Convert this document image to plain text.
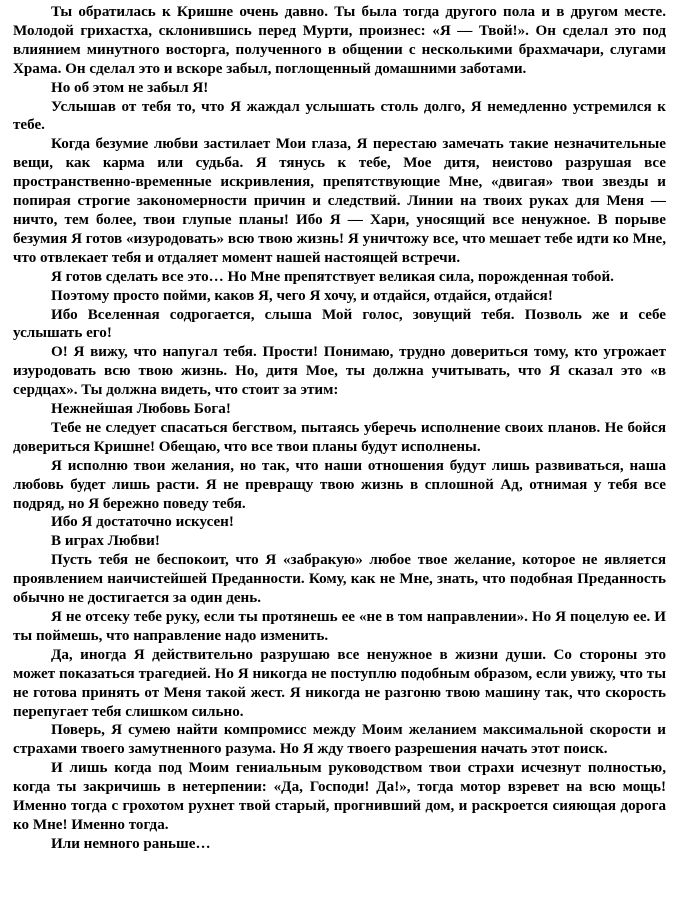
Ты обратилась к Кришне очень давно. Ты была тогда другого пола и в другом месте. Молодой грихастха, склонившись перед Мурти, произнес: «Я — Твой!». Он сделал это под влиянием минутного восторга, полученного в общении с несколькими брахмачари, слугами Храма. Он сделал это и вскоре забыл, поглощенный домашними заботами.

Но об этом не забыл Я!

Услышав от тебя то, что Я жаждал услышать столь долго, Я немедленно устремился к тебе.

Когда безумие любви застилает Мои глаза, Я перестаю замечать такие незначительные вещи, как карма или судьба. Я тянусь к тебе, Мое дитя, неистово разрушая все пространственно-временные искривления, препятствующие Мне, «двигая» твои звезды и попирая строгие закономерности причин и следствий. Линии на твоих руках для Меня — ничто, тем более, твои глупые планы! Ибо Я — Хари, уносящий все ненужное. В порыве безумия Я готов «изуродовать» всю твою жизнь! Я уничтожу все, что мешает тебе идти ко Мне, что отвлекает тебя и отдаляет момент нашей настоящей встречи.

Я готов сделать все это… Но Мне препятствует великая сила, порожденная тобой.

Поэтому просто пойми, каков Я, чего Я хочу, и отдайся, отдайся, отдайся!

Ибо Вселенная содрогается, слыша Мой голос, зовущий тебя. Позволь же и себе услышать его!

О! Я вижу, что напугал тебя. Прости! Понимаю, трудно довериться тому, кто угрожает изуродовать всю твою жизнь. Но, дитя Мое, ты должна учитывать, что Я сказал это «в сердцах». Ты должна видеть, что стоит за этим:

Нежнейшая Любовь Бога!

Тебе не следует спасаться бегством, пытаясь уберечь исполнение своих планов. Не бойся довериться Кришне! Обещаю, что все твои планы будут исполнены.

Я исполню твои желания, но так, что наши отношения будут лишь развиваться, наша любовь будет лишь расти. Я не превращу твою жизнь в сплошной Ад, отнимая у тебя все подряд, но Я бережно поведу тебя.

Ибо Я достаточно искусен!

В играх Любви!

Пусть тебя не беспокоит, что Я «забракую» любое твое желание, которое не является проявлением наичистейшей Преданности. Кому, как не Мне, знать, что подобная Преданность обычно не достигается за один день.

Я не отсеку тебе руку, если ты протянешь ее «не в том направлении». Но Я поцелую ее. И ты поймешь, что направление надо изменить.

Да, иногда Я действительно разрушаю все ненужное в жизни души. Со стороны это может показаться трагедией. Но Я никогда не поступлю подобным образом, если увижу, что ты не готова принять от Меня такой жест. Я никогда не разгоню твою машину так, что скорость перепугает тебя слишком сильно.

Поверь, Я сумею найти компромисс между Моим желанием максимальной скорости и страхами твоего замутненного разума. Но Я жду твоего разрешения начать этот поиск.

И лишь когда под Моим гениальным руководством твои страхи исчезнут полностью, когда ты закричишь в нетерпении: «Да, Господи! Да!», тогда мотор взревет на всю мощь! Именно тогда с грохотом рухнет твой старый, прогнивший дом, и раскроется сияющая дорога ко Мне! Именно тогда.

Или немного раньше…
